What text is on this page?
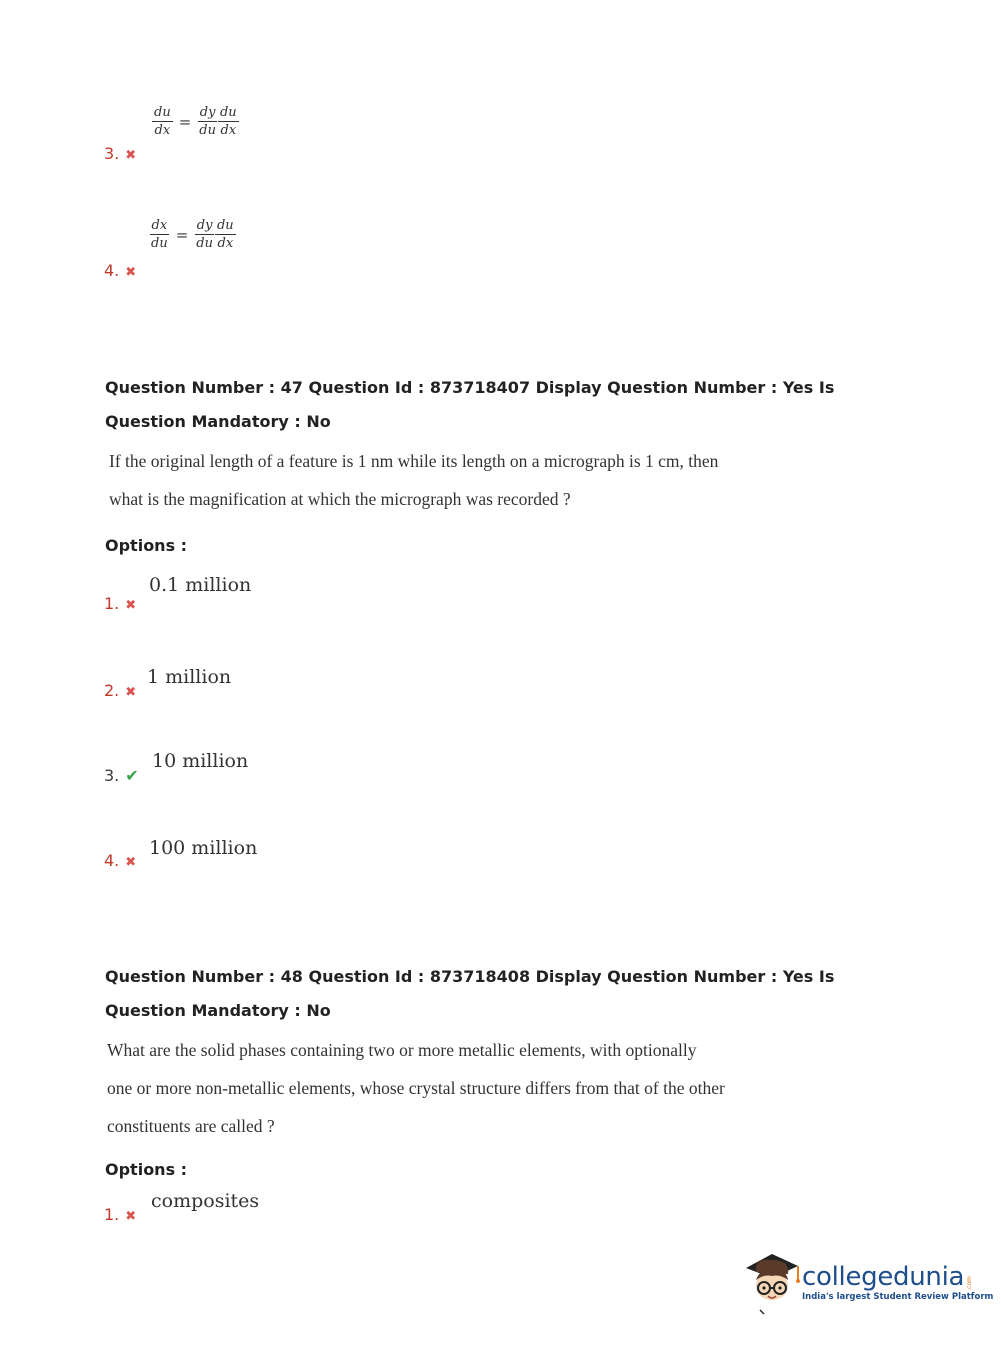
$\frac{du}{dx} = \frac{dy}{du} \frac{du}{dx}$
3. ✖
$\frac{dx}{du} = \frac{dy}{du} \frac{du}{dx}$
4. ✖
Question Number : 47 Question Id : 873718407 Display Question Number : Yes Is Question Mandatory : No
If the original length of a feature is 1 nm while its length on a micrograph is 1 cm, then
what is the magnification at which the micrograph was recorded ?
Options :
0.1 million
1. ✖
1 million
2. ✖
10 million
3. ✔
100 million
4. ✖
Question Number : 48 Question Id : 873718408 Display Question Number : Yes Is Question Mandatory : No
What are the solid phases containing two or more metallic elements, with optionally
one or more non-metallic elements, whose crystal structure differs from that of the other
constituents are called ?
Options :
composites
1. ✖
collegedunia .com
India's largest Student Review Platform
